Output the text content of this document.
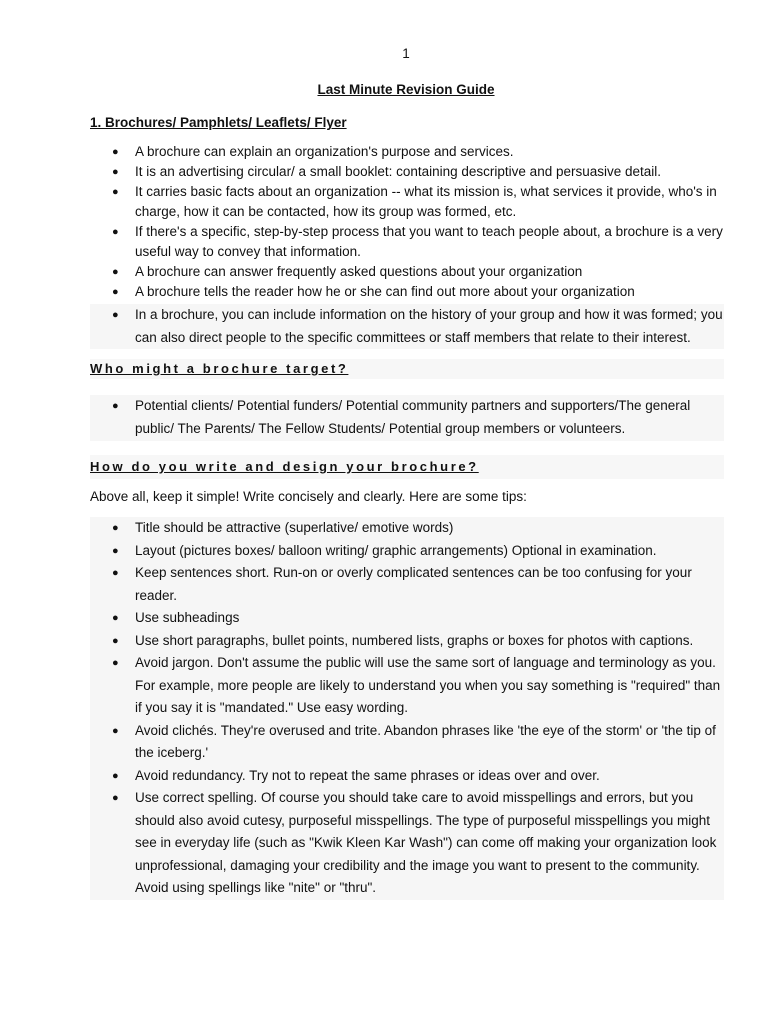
1
Last Minute Revision Guide
1. Brochures/ Pamphlets/ Leaflets/ Flyer
● A brochure can explain an organization's purpose and services.
● It is an advertising circular/ a small booklet: containing descriptive and persuasive detail.
● It carries basic facts about an organization -- what its mission is, what services it provide, who's in charge, how it can be contacted, how its group was formed, etc.
● If there's a specific, step-by-step process that you want to teach people about, a brochure is a very useful way to convey that information.
● A brochure can answer frequently asked questions about your organization
● A brochure tells the reader how he or she can find out more about your organization
● In a brochure, you can include information on the history of your group and how it was formed; you can also direct people to the specific committees or staff members that relate to their interest.
Who might a brochure target?
● Potential clients/ Potential funders/ Potential community partners and supporters/The general public/ The Parents/ The Fellow Students/ Potential group members or volunteers.
How do you write and design your brochure?
Above all, keep it simple! Write concisely and clearly. Here are some tips:
● Title should be attractive (superlative/ emotive words)
● Layout (pictures boxes/ balloon writing/ graphic arrangements) Optional in examination.
● Keep sentences short. Run-on or overly complicated sentences can be too confusing for your reader.
● Use subheadings
● Use short paragraphs, bullet points, numbered lists, graphs or boxes for photos with captions.
● Avoid jargon. Don't assume the public will use the same sort of language and terminology as you. For example, more people are likely to understand you when you say something is "required" than if you say it is "mandated." Use easy wording.
● Avoid clichés. They're overused and trite. Abandon phrases like 'the eye of the storm' or 'the tip of the iceberg.'
● Avoid redundancy. Try not to repeat the same phrases or ideas over and over.
● Use correct spelling. Of course you should take care to avoid misspellings and errors, but you should also avoid cutesy, purposeful misspellings. The type of purposeful misspellings you might see in everyday life (such as "Kwik Kleen Kar Wash") can come off making your organization look unprofessional, damaging your credibility and the image you want to present to the community. Avoid using spellings like "nite" or "thru".
